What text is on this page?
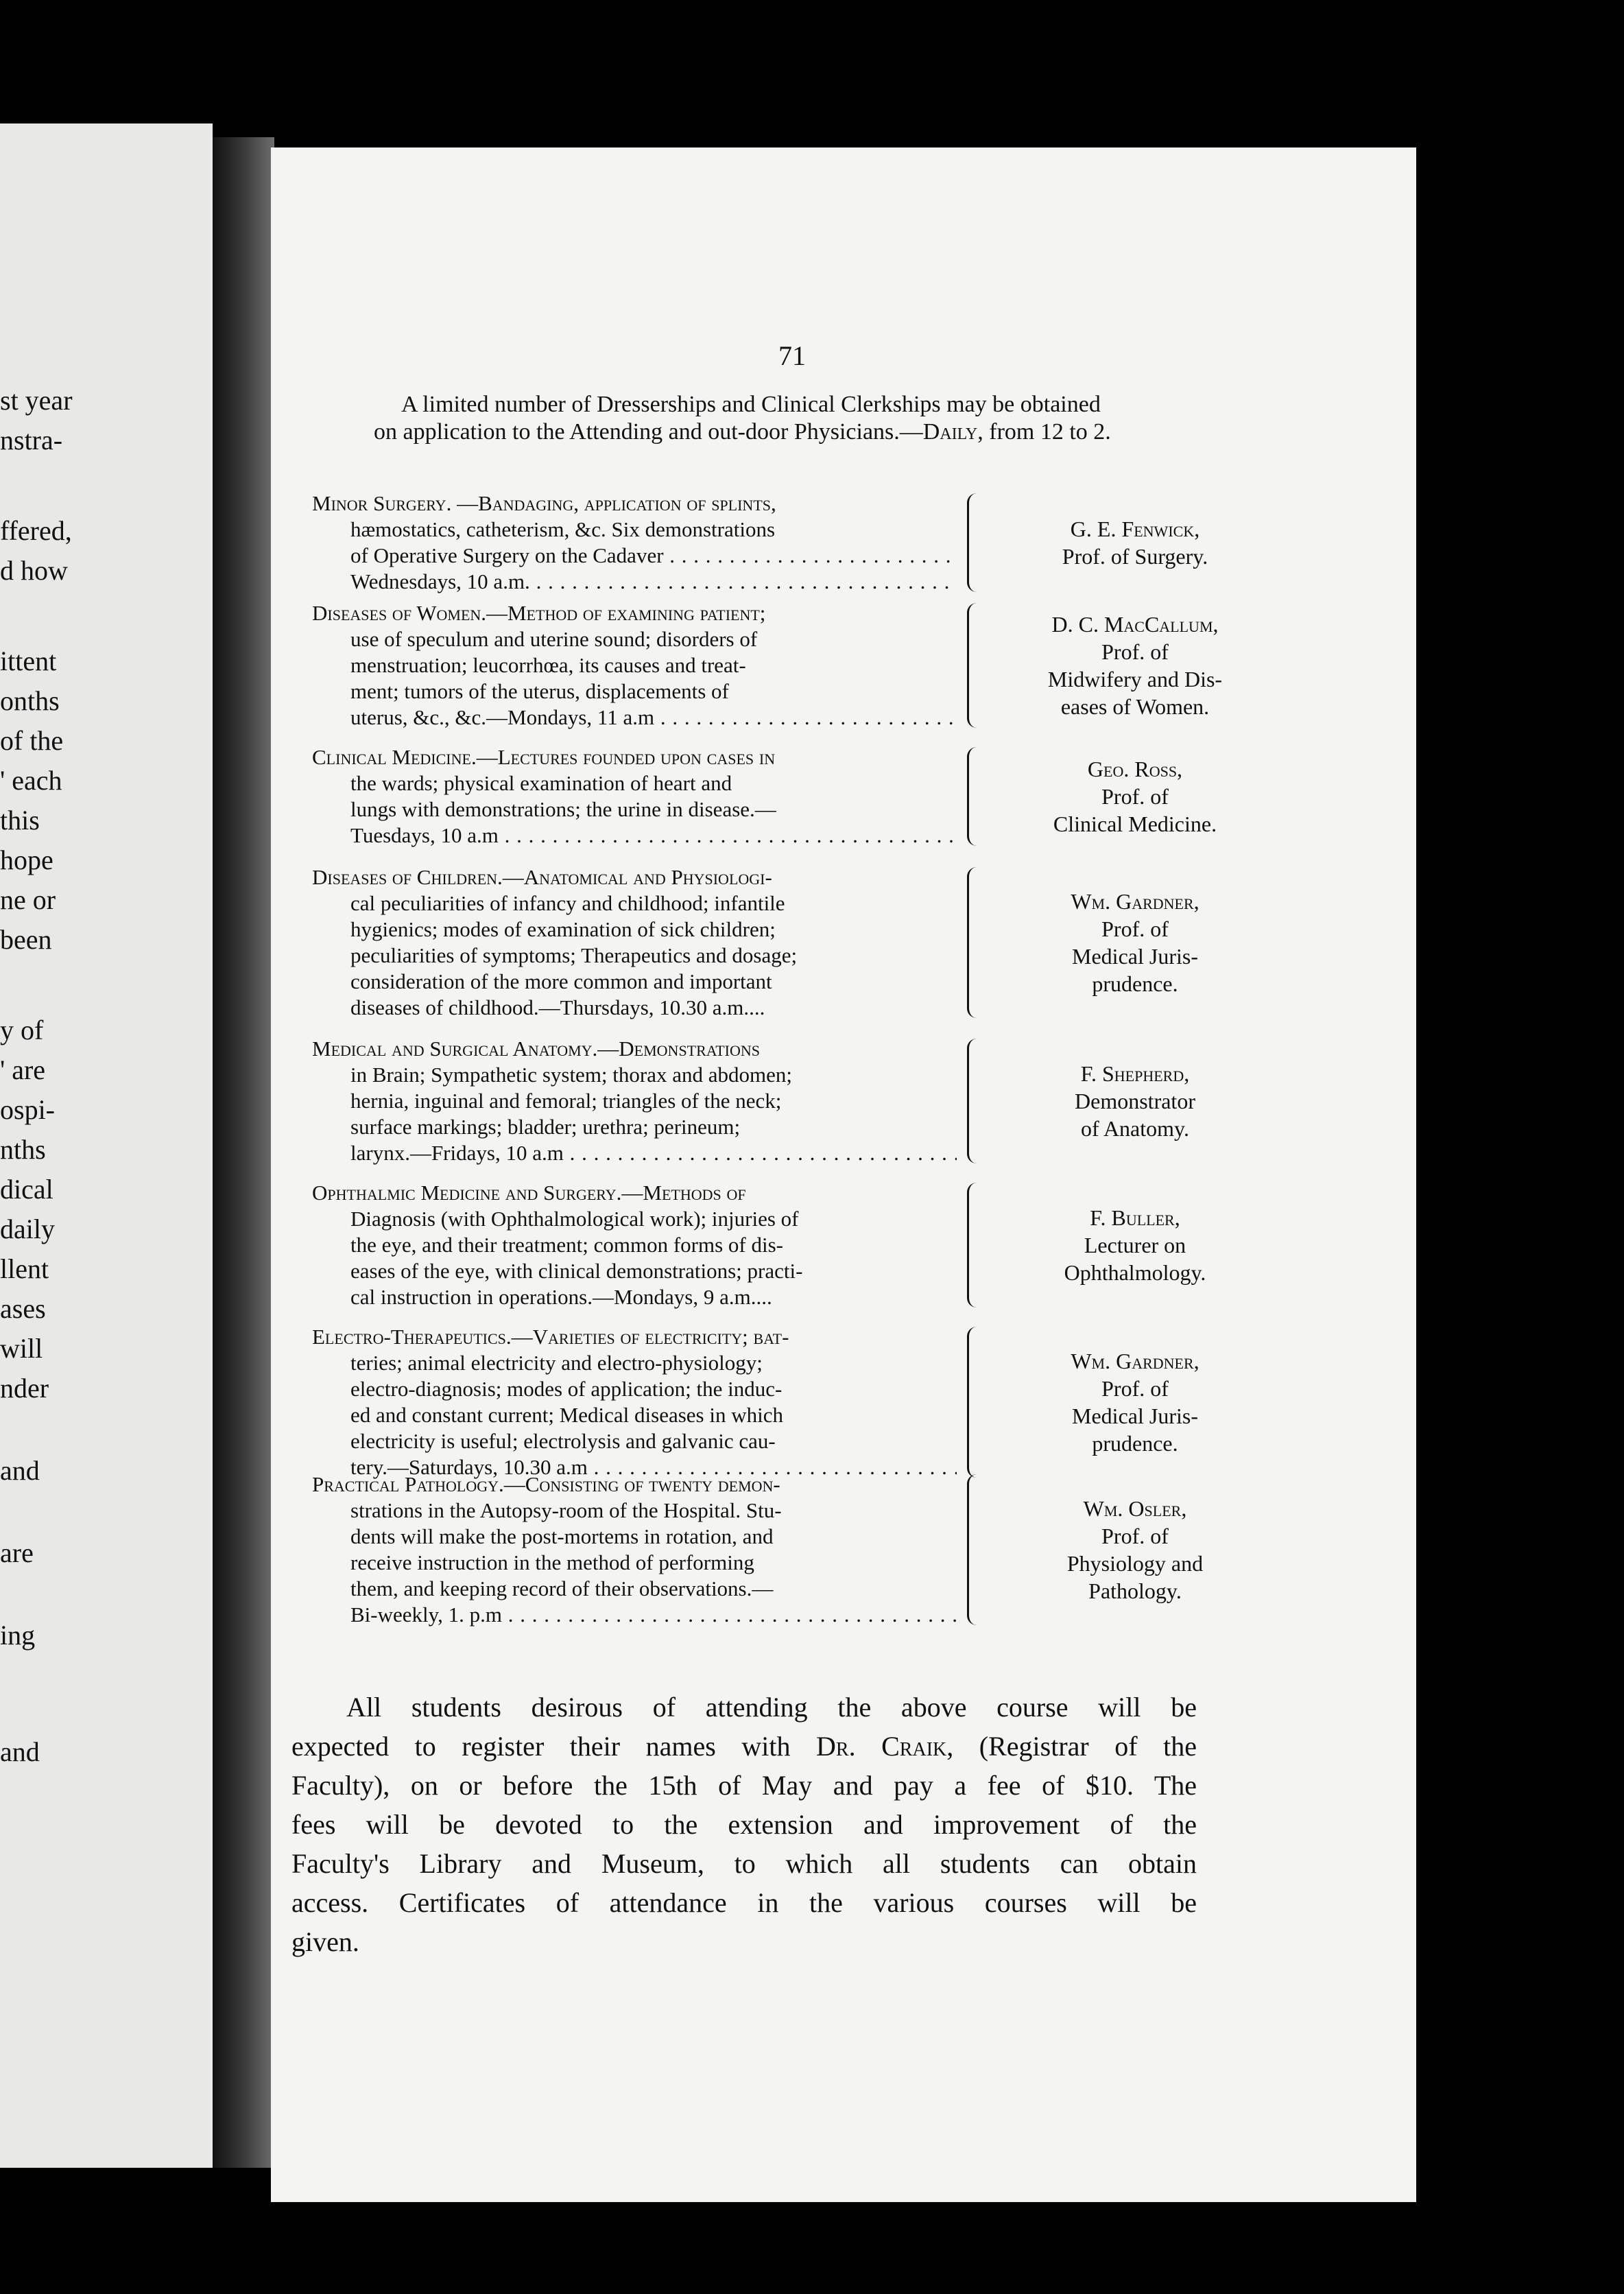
st year
nstra-
ffered,
d how
ittent
onths
of the
' each
this
hope
ne or
been
y of
' are
ospi-
nths
dical
daily
llent
ases
will
nder
and
are
ing
and
71
A limited number of Dresserships and Clinical Clerkships may be obtained
on application to the Attending and out-door Physicians.—Daily, from 12 to 2.
Minor Surgery. —Bandaging, application of splints,
hæmostatics, catheterism, &c. Six demonstrations
of Operative Surgery on the Cadaver . . .
Wednesdays, 10 a.m. . . .
G. E. Fenwick,
Prof. of Surgery.
Diseases of Women.—Method of examining patient;
use of speculum and uterine sound; disorders of
menstruation; leucorrhœa, its causes and treat-
ment; tumors of the uterus, displacements of
uterus, &c., &c.—Mondays, 11 a.m . . .
D. C. MacCallum,
Prof. of
Midwifery and Dis-
eases of Women.
Clinical Medicine.—Lectures founded upon cases in
the wards; physical examination of heart and
lungs with demonstrations; the urine in disease.—
Tuesdays, 10 a.m . . .
Geo. Ross,
Prof. of
Clinical Medicine.
Diseases of Children.—Anatomical and Physiologi-
cal peculiarities of infancy and childhood; infantile
hygienics; modes of examination of sick children;
peculiarities of symptoms; Therapeutics and dosage;
consideration of the more common and important
diseases of childhood.—Thursdays, 10.30 a.m....
Wm. Gardner,
Prof. of
Medical Juris-
prudence.
Medical and Surgical Anatomy.—Demonstrations
in Brain; Sympathetic system; thorax and abdomen;
hernia, inguinal and femoral; triangles of the neck;
surface markings; bladder; urethra; perineum;
larynx.—Fridays, 10 a.m . . .
F. Shepherd,
Demonstrator
of Anatomy.
Ophthalmic Medicine and Surgery.—Methods of
Diagnosis (with Ophthalmological work); injuries of
the eye, and their treatment; common forms of dis-
eases of the eye, with clinical demonstrations; practi-
cal instruction in operations.—Mondays, 9 a.m....
F. Buller,
Lecturer on
Ophthalmology.
Electro-Therapeutics.—Varieties of electricity; bat-
teries; animal electricity and electro-physiology;
electro-diagnosis; modes of application; the induc-
ed and constant current; Medical diseases in which
electricity is useful; electrolysis and galvanic cau-
tery.—Saturdays, 10.30 a.m . . .
Wm. Gardner,
Prof. of
Medical Juris-
prudence.
Practical Pathology.—Consisting of twenty demon-
strations in the Autopsy-room of the Hospital. Stu-
dents will make the post-mortems in rotation, and
receive instruction in the method of performing
them, and keeping record of their observations.—
Bi-weekly, 1. p.m . . .
Wm. Osler,
Prof. of
Physiology and
Pathology.
All students desirous of attending the above course will be
expected to register their names with Dr. Craik, (Registrar of the
Faculty), on or before the 15th of May and pay a fee of $10. The
fees will be devoted to the extension and improvement of the
Faculty's Library and Museum, to which all students can obtain
access. Certificates of attendance in the various courses will be
given.
